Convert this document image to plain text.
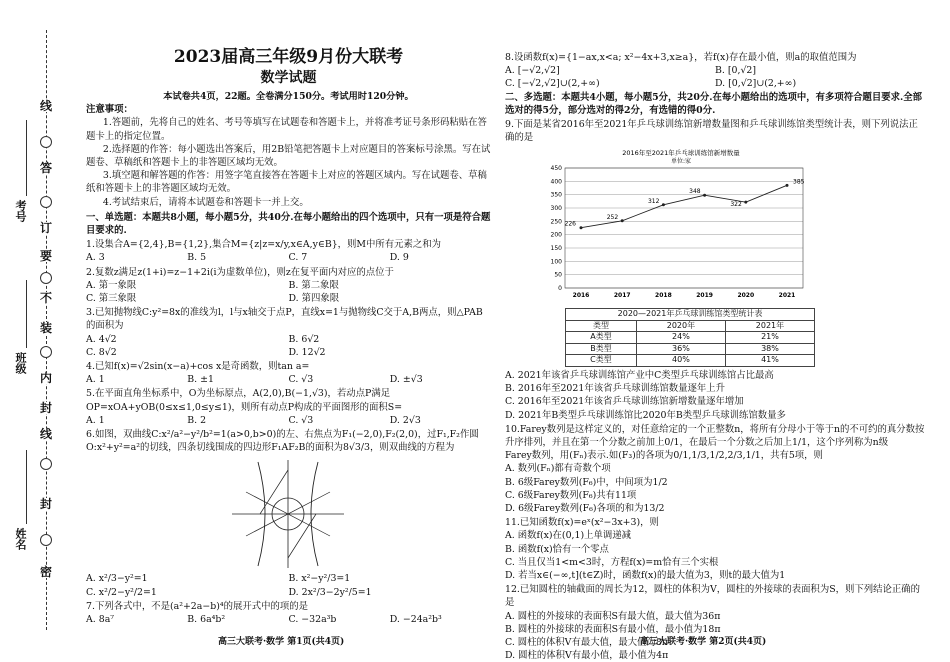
线
答
订
要
不
装
内
封
线
封
密
考号
班级
姓名
2023届高三年级9月份大联考
数学试题
本试卷共4页，22题。全卷满分150分。考试用时120分钟。
注意事项：
1.答题前，先将自己的姓名、考号等填写在试题卷和答题卡上，并将准考证号条形码粘贴在答题卡上的指定位置。
2.选择题的作答：每小题选出答案后，用2B铅笔把答题卡上对应题目的答案标号涂黑。写在试题卷、草稿纸和答题卡上的非答题区域均无效。
3.填空题和解答题的作答：用签字笔直接答在答题卡上对应的答题区域内。写在试题卷、草稿纸和答题卡上的非答题区域均无效。
4.考试结束后，请将本试题卷和答题卡一并上交。
一、单选题：本题共8小题，每小题5分，共40分.在每小题给出的四个选项中，只有一项是符合题目要求的.
1.设集合A={2,4},B={1,2},集合M={z|z=x/y,x∈A,y∈B}，则M中所有元素之和为
A. 3	B. 5	C. 7	D. 9
2.复数z满足z(1+i)=z−1+2i(i为虚数单位)，则z在复平面内对应的点位于
A. 第一象限	B. 第二象限
C. 第三象限	D. 第四象限
3.已知抛物线C:y²=8x的准线为l，l与x轴交于点P，直线x=1与抛物线C交于A,B两点，则△PAB的面积为
A. 4√2	B. 6√2
C. 8√2	D. 12√2
4.已知f(x)=√2sin(x−a)+cos x是奇函数，则tan a=
A. 1	B. ±1	C. √3	D. ±√3
5.在平面直角坐标系中，O为坐标原点，A(2,0),B(−1,√3)，若动点P满足OP=xOA+yOB(0≤x≤1,0≤y≤1)，则所有动点P构成的平面图形的面积S=
A. 1	B. 2	C. √3	D. 2√3
6.如图，双曲线C:x²/a²−y²/b²=1(a>0,b>0)的左、右焦点为F₁(−2,0),F₂(2,0)，过F₁,F₂作圆O:x²+y²=a²的切线，四条切线围成的四边形F₁AF₂B的面积为8√3/3，则双曲线的方程为
A. x²/3−y²=1	B. x²−y²/3=1
C. x²/2−y²/2=1	D. 2x²/3−2y²/5=1
7.下列各式中，不是(a²+2a−b)⁴的展开式中的项的是
A. 8a⁷	B. 6a⁴b²	C. −32a³b	D. −24a²b³
8.设函数f(x)={1−ax,x<a; x²−4x+3,x≥a}，若f(x)存在最小值，则a的取值范围为
A. [−√2,√2]	B. [0,√2]
C. [−√2,√2]∪(2,+∞)	D. [0,√2]∪(2,+∞)
二、多选题：本题共4小题，每小题5分，共20分.在每小题给出的选项中，有多项符合题目要求.全部选对的得5分，部分选对的得2分，有选错的得0分.
9.下面是某省2016年至2021年乒乓球训练馆新增数量图和乒乓球训练馆类型统计表，则下列说法正确的是
2016年至2021年乒乓球训练馆新增数量
单位:家
0
50
100
150
200
250
300
350
400
450
2016	2017	2018	2019	2020	2021
226
252
312
348
322
385
2020—2021年乒乓球训练馆类型统计表		
类型	2020年	2021年
A类型	24%	21%
B类型	36%	38%
C类型	40%	41%
A. 2021年该省乒乓球训练馆产业中C类型乒乓球训练馆占比最高
B. 2016年至2021年该省乒乓球训练馆数量逐年上升
C. 2016年至2021年该省乒乓球训练馆新增数量逐年增加
D. 2021年B类型乒乓球训练馆比2020年B类型乒乓球训练馆数量多
10.Farey数列是这样定义的，对任意给定的一个正整数n，将所有分母小于等于n的不可约的真分数按升序排列，并且在第一个分数之前加上0/1，在最后一个分数之后加上1/1，这个序列称为n级
Farey数列，用(Fₙ)表示.如(F₃)的各项为0/1,1/3,1/2,2/3,1/1，共有5项，则
A. 数列(Fₙ)都有奇数个项
B. 6级Farey数列(F₆)中，中间项为1/2
C. 6级Farey数列(F₆)共有11项
D. 6级Farey数列(F₆)各项的和为13/2
11.已知函数f(x)=eˣ(x²−3x+3)，则
A. 函数f(x)在(0,1)上单调递减
B. 函数f(x)恰有一个零点
C. 当且仅当1<m<3时，方程f(x)=m恰有三个实根
D. 若当x∈(−∞,t](t∈Z)时，函数f(x)的最大值为3，则t的最大值为1
12.已知圆柱的轴截面的周长为12，圆柱的体积为V，圆柱的外接球的表面积为S，则下列结论正确的是
A. 圆柱的外接球的表面积S有最大值，最大值为36π
B. 圆柱的外接球的表面积S有最小值，最小值为18π
C. 圆柱的体积V有最大值，最大值为8π
D. 圆柱的体积V有最小值，最小值为4π
高三大联考·数学 第1页(共4页)	高三大联考·数学 第2页(共4页)
